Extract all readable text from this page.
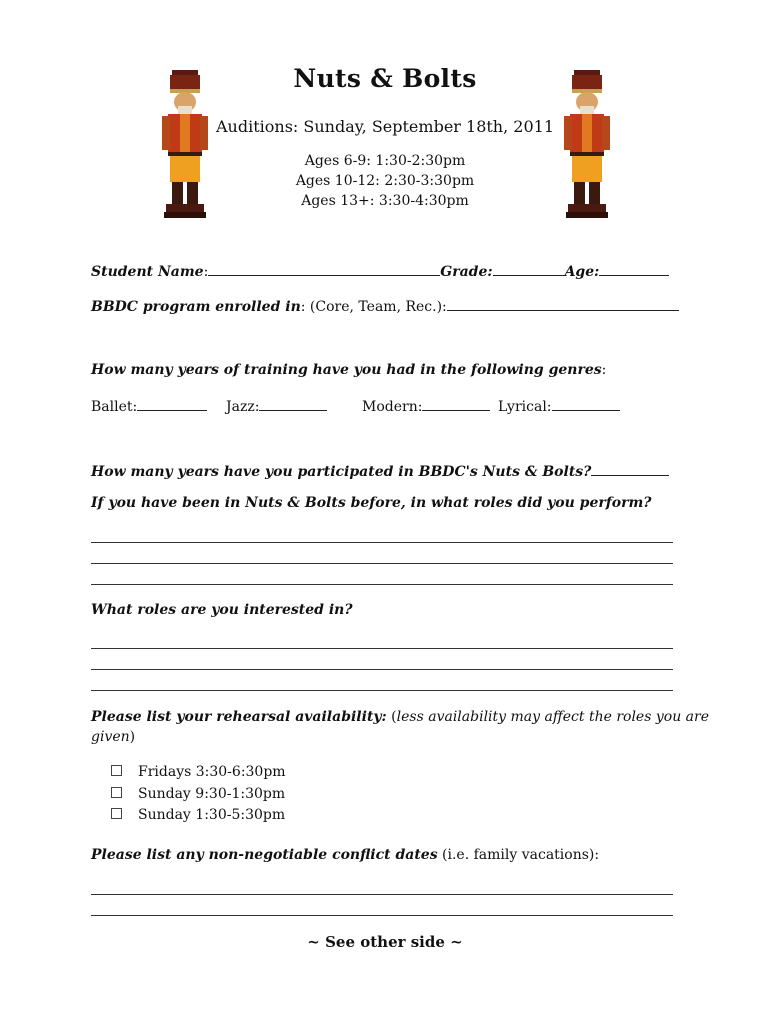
Nuts & Bolts
Auditions: Sunday, September 18th, 2011
Ages 6-9: 1:30-2:30pm
Ages 10-12: 2:30-3:30pm
Ages 13+: 3:30-4:30pm
Student Name:	Grade:	Age:
BBDC program enrolled in: (Core, Team, Rec.):
How many years of training have you had in the following genres:
Ballet:	Jazz:	Modern:	Lyrical:
How many years have you participated in BBDC's Nuts & Bolts?
If you have been in Nuts & Bolts before, in what roles did you perform?
What roles are you interested in?
Please list your rehearsal availability: (less availability may affect the roles you are
given)
Fridays 3:30-6:30pm
Sunday 9:30-1:30pm
Sunday 1:30-5:30pm
Please list any non-negotiable conflict dates (i.e. family vacations):
~ See other side ~
